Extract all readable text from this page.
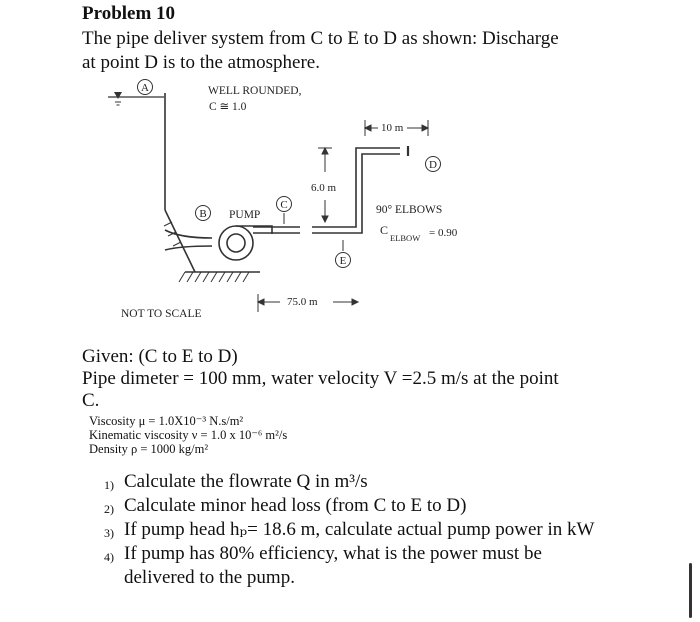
Problem 10
The pipe deliver system from C to E to D as shown: Discharge
at point D is to the atmosphere.
A
B
C
D
E
WELL ROUNDED,
C ≅ 1.0
PUMP
10 m
6.0 m
90° ELBOWS
C
ELBOW = 0.90
75.0 m
NOT TO SCALE
Given: (C to E to D)
Pipe dimeter = 100 mm, water velocity V =2.5 m/s at the point
C.
Viscosity μ = 1.0X10⁻³ N.s/m²
Kinematic viscosity ν = 1.0 x 10⁻⁶ m²/s
Density ρ = 1000 kg/m²
1) Calculate the flowrate Q in m³/s
2) Calculate minor head loss (from C to E to D)
3) If pump head hₚ= 18.6 m, calculate actual pump power in kW
4) If pump has 80% efficiency, what is the power must be delivered to the pump.
